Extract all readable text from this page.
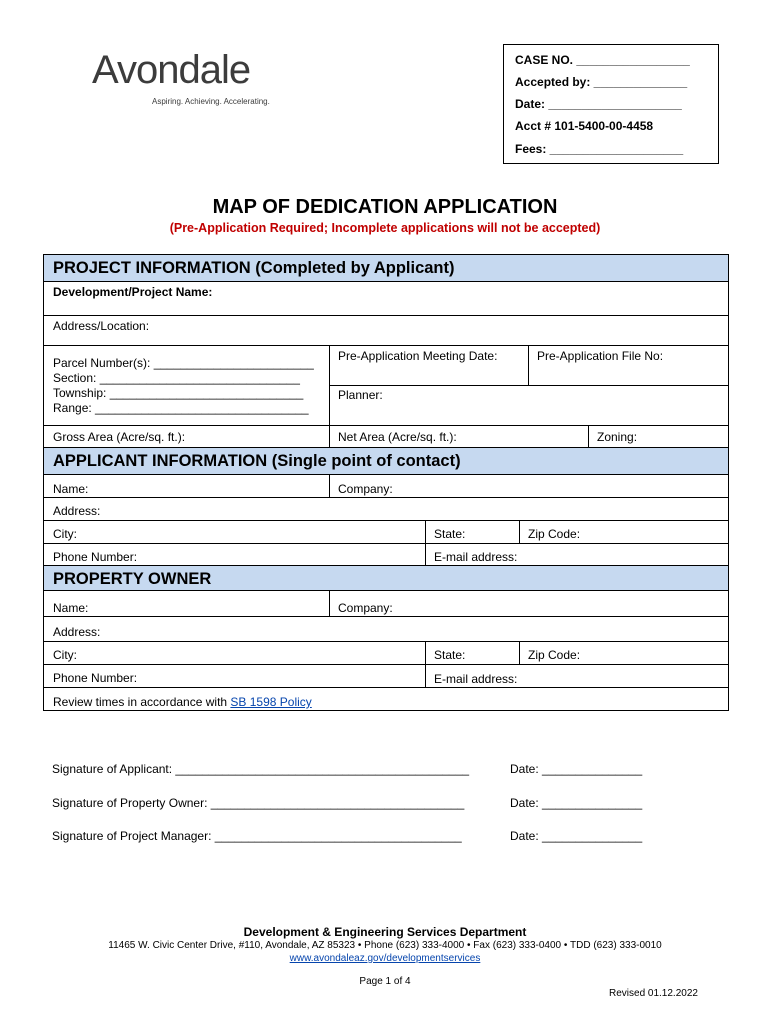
Avondale
Aspiring. Achieving. Accelerating.
CASE NO. _________________
Accepted by: ______________
Date: ____________________
Acct # 101-5400-00-4458
Fees: ____________________
MAP OF DEDICATION APPLICATION
(Pre-Application Required; Incomplete applications will not be accepted)
PROJECT INFORMATION (Completed by Applicant)
Development/Project Name:
Address/Location:
Parcel Number(s): ________________________
Section: ______________________________
Township: _____________________________
Range: ________________________________
Pre-Application Meeting Date:	Pre-Application File No:
Planner:
Gross Area (Acre/sq. ft.):	Net Area (Acre/sq. ft.):	Zoning:
APPLICANT INFORMATION (Single point of contact)
Name:	Company:
Address:
City:	State:	Zip Code:
Phone Number:	E-mail address:
PROPERTY OWNER
Name:	Company:
Address:
City:	State:	Zip Code:
Phone Number:	E-mail address:
Review times in accordance with SB 1598 Policy
Signature of Applicant: ____________________________________________	Date: _______________
Signature of Property Owner: ______________________________________	Date: _______________
Signature of Project Manager: _____________________________________	Date: _______________
Development & Engineering Services Department
11465 W. Civic Center Drive, #110, Avondale, AZ 85323 • Phone (623) 333-4000 • Fax (623) 333-0400 • TDD (623) 333-0010
www.avondaleaz.gov/developmentservices
Page 1 of 4
Revised 01.12.2022
